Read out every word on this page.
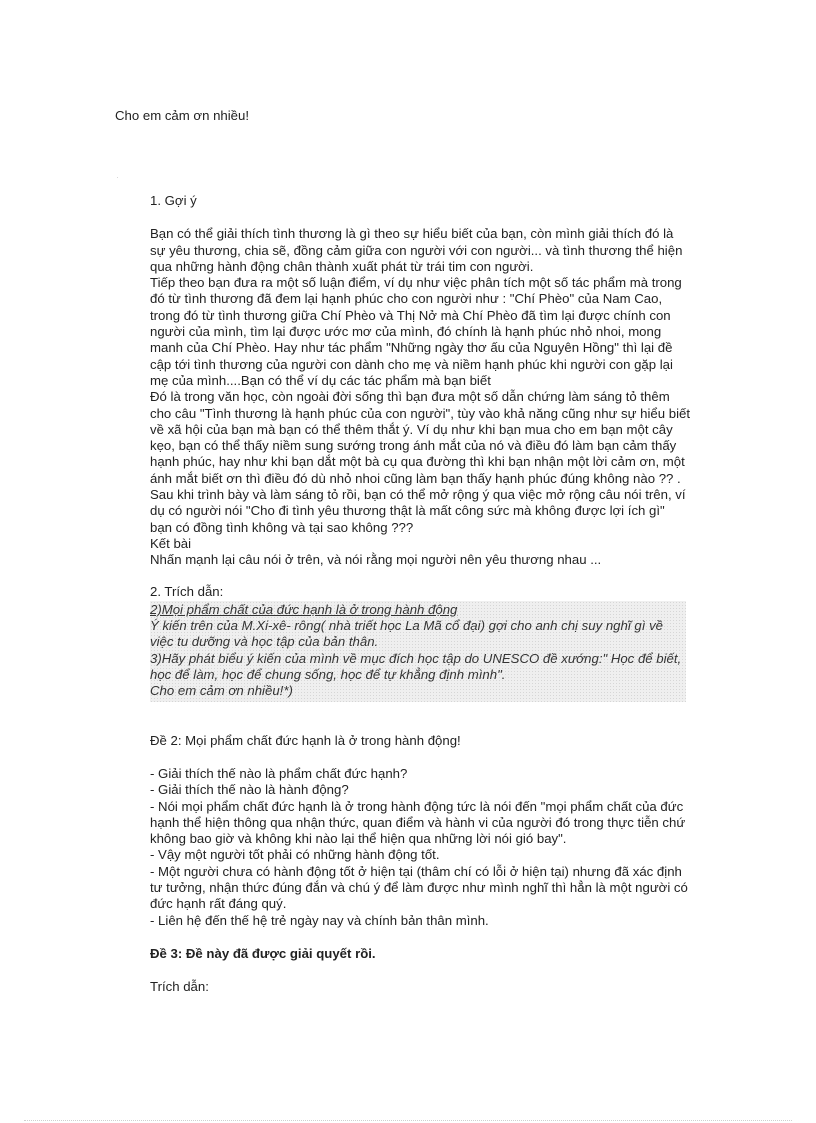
Cho em cảm ơn nhiều!

1. Gợi ý

Bạn có thể giải thích tình thương là gì theo sự hiểu biết của bạn, còn mình giải thích đó là sự yêu thương, chia sẽ, đồng cảm giữa con người với con người... và tình thương thể hiện qua những hành động chân thành xuất phát từ trái tim con người.

Tiếp theo bạn đưa ra một số luận điểm, ví dụ như việc phân tích một số tác phẩm mà trong đó từ tình thương đã đem lại hạnh phúc cho con người như : "Chí Phèo" của Nam Cao, trong đó từ tình thương giữa Chí Phèo và Thị Nở mà Chí Phèo đã tìm lại được chính con người của mình, tìm lại được ước mơ của mình, đó chính là hạnh phúc nhỏ nhoi, mong manh của Chí Phèo. Hay như tác phẩm "Những ngày thơ ấu của Nguyên Hồng" thì lại đề cập tới tình thương của người con dành cho mẹ và niềm hạnh phúc khi người con gặp lại mẹ của mình....Bạn có thể ví dụ các tác phẩm mà bạn biết

Đó là trong văn học, còn ngoài đời sống thì bạn đưa một số dẫn chứng làm sáng tỏ thêm cho câu "Tình thương là hạnh phúc của con người", tùy vào khả năng cũng như sự hiểu biết về xã hội của bạn mà bạn có thể thêm thắt ý. Ví dụ như khi bạn mua cho em bạn một cây kẹo, bạn có thể thấy niềm sung sướng trong ánh mắt của nó và điều đó làm bạn cảm thấy hạnh phúc, hay như khi bạn dắt một bà cụ qua đường thì khi bạn nhận một lời cảm ơn, một ánh mắt biết ơn thì điều đó dù nhỏ nhoi cũng làm bạn thấy hạnh phúc đúng không nào ?? .

Sau khi trình bày và làm sáng tỏ rồi, bạn có thể mở rộng ý qua việc mở rộng câu nói trên, ví dụ có người nói "Cho đi tình yêu thương thật là mất công sức mà không được lợi ích gì" bạn có đồng tình không và tại sao không ???

Kết bài

Nhấn mạnh lại câu nói ở trên, và nói rằng mọi người nên yêu thương nhau ...

2. Trích dẫn:

2)Mọi phẩm chất của đức hạnh là ở trong hành động

Ý kiến trên của M.Xi-xê- rông( nhà triết học La Mã cổ đại) gợi cho anh chị suy nghĩ gì về việc tu dưỡng và học tập của bản thân.

3)Hãy phát biểu ý kiến của mình về mục đích học tập do UNESCO đề xướng:" Học để biết, học để làm, học để chung sống, học để tự khẳng định mình".

Cho em cảm ơn nhiều!*)

Đề 2: Mọi phẩm chất đức hạnh là ở trong hành động!

- Giải thích thế nào là phẩm chất đức hạnh?

- Giải thích thế nào là hành động?

- Nói mọi phẩm chất đức hạnh là ở trong hành động tức là nói đến "mọi phẩm chất của đức hạnh thể hiện thông qua nhận thức, quan điểm và hành vi của người đó trong thực tiễn chứ không bao giờ và không khi nào lại thể hiện qua những lời nói gió bay".

- Vậy một người tốt phải có những hành động tốt.

- Một người chưa có hành động tốt ở hiện tại (thâm chí có lỗi ở hiện tại) nhưng đã xác định tư tưởng, nhận thức đúng đắn và chú ý để làm được như mình nghĩ thì hẳn là một người có đức hạnh rất đáng quý.

- Liên hệ đến thế hệ trẻ ngày nay và chính bản thân mình.

Đề 3: Đề này đã được giải quyết rồi.

Trích dẫn:
